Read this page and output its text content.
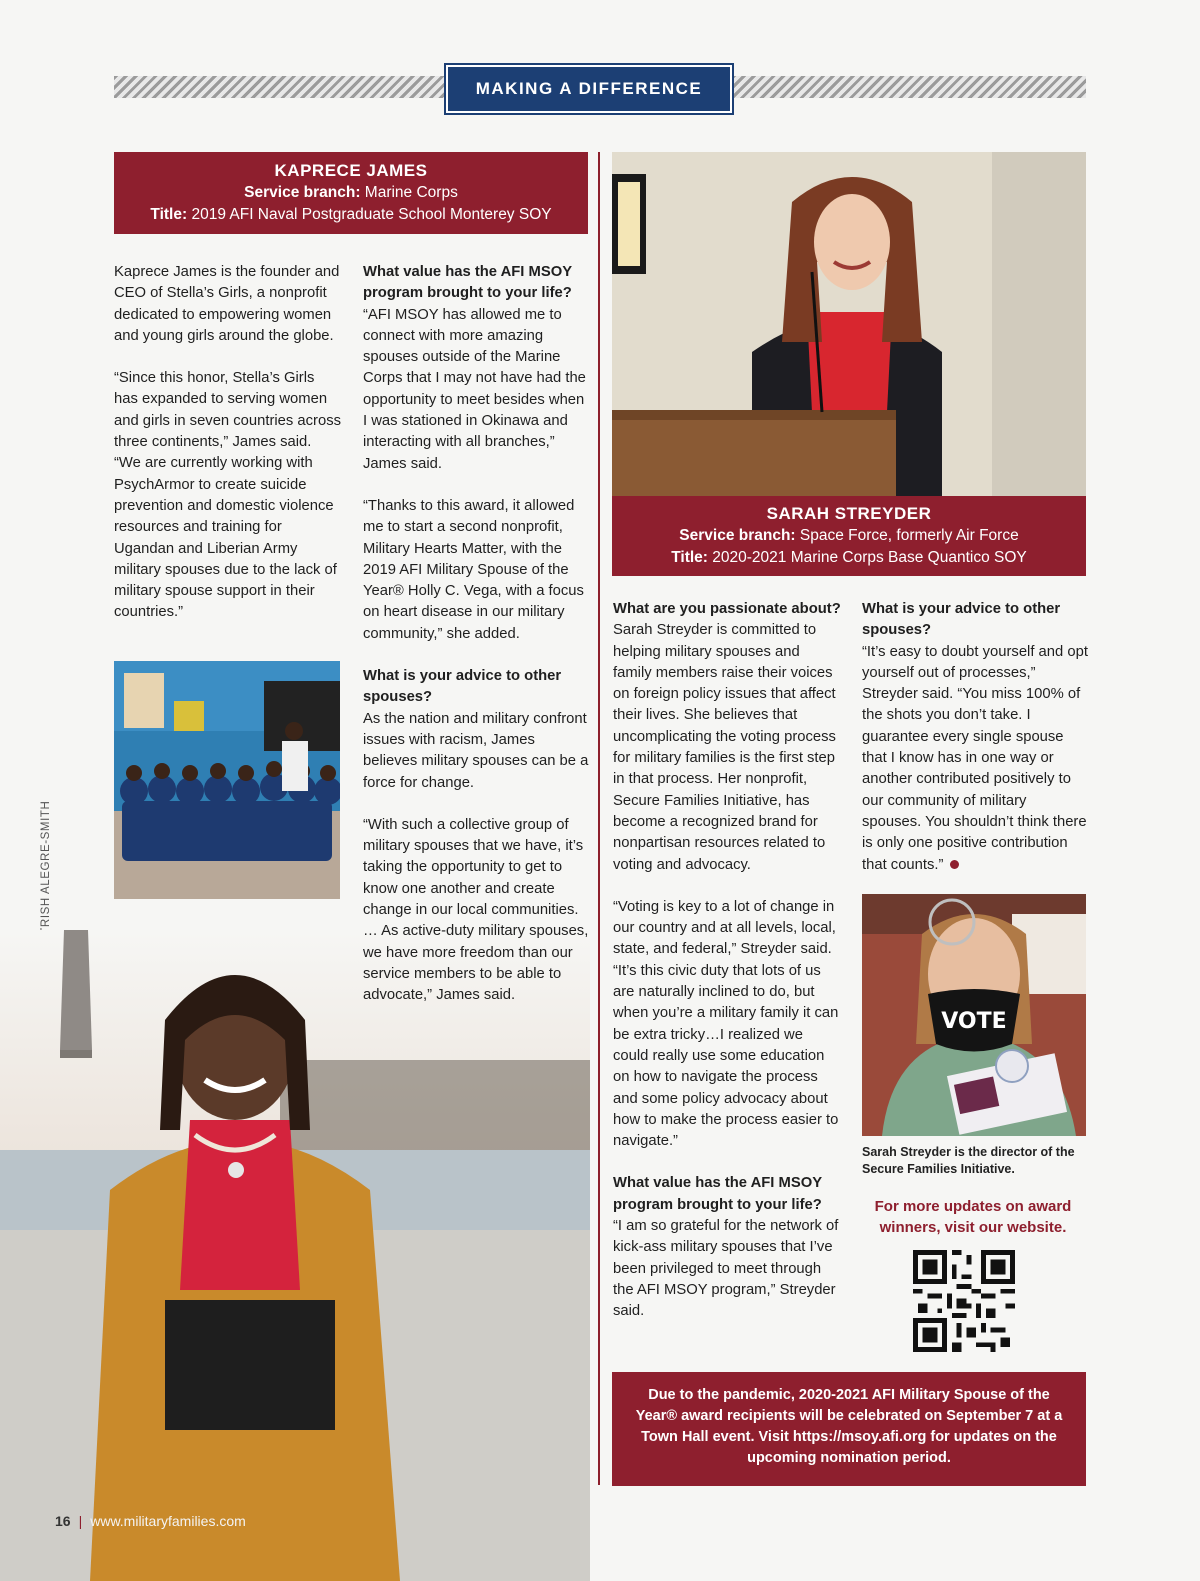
MAKING A DIFFERENCE
KAPRECE JAMES
Service branch: Marine Corps
Title: 2019 AFI Naval Postgraduate School Monterey SOY

Kaprece James is the founder and CEO of Stella’s Girls, a nonprofit dedicated to empowering women and young girls around the globe.

“Since this honor, Stella’s Girls has expanded to serving women and girls in seven countries across three continents,” James said. “We are currently working with PsychArmor to create suicide prevention and domestic violence resources and training for Ugandan and Liberian Army military spouses due to the lack of military spouse support in their countries.”

What value has the AFI MSOY program brought to your life?

“AFI MSOY has allowed me to connect with more amazing spouses outside of the Marine Corps that I may not have had the opportunity to meet besides when I was stationed in Okinawa and interacting with all branches,” James said.

“Thanks to this award, it allowed me to start a second nonprofit, Military Hearts Matter, with the 2019 AFI Military Spouse of the Year® Holly C. Vega, with a focus on heart disease in our military community,” she added.

What is your advice to other spouses?

As the nation and military confront issues with racism, James believes military spouses can be a force for change.

“With such a collective group of military spouses that we have, it’s taking the opportunity to get to know one another and create change in our local communities. … As active-duty military spouses, we have more freedom than our service members to be able to advocate,” James said.

SARAH STREYDER
Service branch: Space Force, formerly Air Force
Title: 2020-2021 Marine Corps Base Quantico SOY
What are you passionate about?

Sarah Streyder is committed to helping military spouses and family members raise their voices on foreign policy issues that affect their lives. She believes that uncomplicating the voting process for military families is the first step in that process. Her nonprofit, Secure Families Initiative, has become a recognized brand for nonpartisan resources related to voting and advocacy.

“Voting is key to a lot of change in our country and at all levels, local, state, and federal,” Streyder said. “It’s this civic duty that lots of us are naturally inclined to do, but when you’re a military family it can be extra tricky…I realized we could really use some education on how to navigate the process and some policy advocacy about how to make the process easier to navigate.”

What value has the AFI MSOY program brought to your life?

“I am so grateful for the network of kick-ass military spouses that I’ve been privileged to meet through the AFI MSOY program,” Streyder said.

What is your advice to other spouses?

“It’s easy to doubt yourself and opt yourself out of processes,” Streyder said. “You miss 100% of the shots you don’t take. I guarantee every single spouse that I know has in one way or another contributed positively to our community of military spouses. You shouldn’t think there is only one positive contribution that counts.”

VOTE
Sarah Streyder is the director of the Secure Families Initiative.
For more updates on award winners, visit our website.
Due to the pandemic, 2020-2021 AFI Military Spouse of the Year® award recipients will be celebrated on September 7 at a Town Hall event. Visit https://msoy.afi.org for updates on the upcoming nomination period.
16 | www.militaryfamilies.com
